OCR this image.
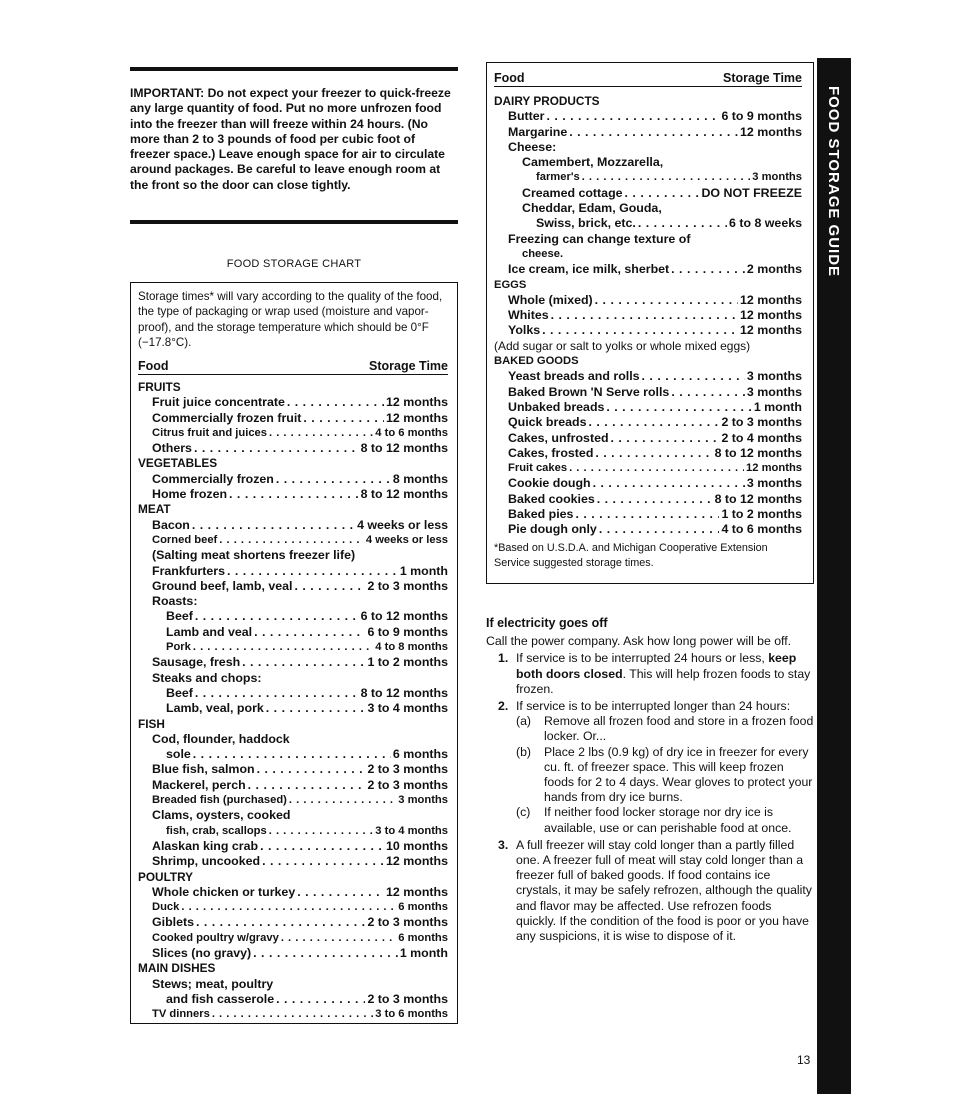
IMPORTANT: Do not expect your freezer to quick-freeze any large quantity of food. Put no more unfrozen food into the freezer than will freeze within 24 hours. (No more than 2 to 3 pounds of food per cubic foot of freezer space.) Leave enough space for air to circulate around packages. Be careful to leave enough room at the front so the door can close tightly.
FOOD STORAGE CHART
Storage times* will vary according to the quality of the food, the type of packaging or wrap used (moisture and vapor-proof), and the storage temperature which should be 0°F (−17.8°C).
Food	Storage Time
FRUITS
Fruit juice concentrate . . .	12 months
Commercially frozen fruit . . .	12 months
Citrus fruit and juices . . .	4 to 6 months
Others . . .	8 to 12 months
VEGETABLES
Commercially frozen . . .	8 months
Home frozen . . .	8 to 12 months
MEAT
Bacon . . .	4 weeks or less
Corned beef . . .	4 weeks or less
(Salting meat shortens freezer life)
Frankfurters . . .	1 month
Ground beef, lamb, veal . . .	2 to 3 months
Roasts:
Beef . . .	6 to 12 months
Lamb and veal . . .	6 to 9 months
Pork . . .	4 to 8 months
Sausage, fresh . . .	1 to 2 months
Steaks and chops:
Beef . . .	8 to 12 months
Lamb, veal, pork . . .	3 to 4 months
FISH
Cod, flounder, haddock
sole . . .	6 months
Blue fish, salmon . . .	2 to 3 months
Mackerel, perch . . .	2 to 3 months
Breaded fish (purchased) . . .	3 months
Clams, oysters, cooked
fish, crab, scallops . . .	3 to 4 months
Alaskan king crab . . .	10 months
Shrimp, uncooked . . .	12 months
POULTRY
Whole chicken or turkey . . .	12 months
Duck . . .	6 months
Giblets . . .	2 to 3 months
Cooked poultry w/gravy . . .	6 months
Slices (no gravy) . . .	1 month
MAIN DISHES
Stews; meat, poultry
and fish casserole . . .	2 to 3 months
TV dinners . . .	3 to 6 months
Food	Storage Time
DAIRY PRODUCTS
Butter . . .	6 to 9 months
Margarine . . .	12 months
Cheese:
Camembert, Mozzarella,
farmer's . . .	3 months
Creamed cottage . . .	DO NOT FREEZE
Cheddar, Edam, Gouda,
Swiss, brick, etc. . . .	6 to 8 weeks
Freezing can change texture of
cheese.
Ice cream, ice milk, sherbet . . .	2 months
EGGS
Whole (mixed) . . .	12 months
Whites . . .	12 months
Yolks . . .	12 months
(Add sugar or salt to yolks or whole mixed eggs)
BAKED GOODS
Yeast breads and rolls . . .	3 months
Baked Brown 'N Serve rolls . . .	3 months
Unbaked breads . . .	1 month
Quick breads . . .	2 to 3 months
Cakes, unfrosted . . .	2 to 4 months
Cakes, frosted . . .	8 to 12 months
Fruit cakes . . .	12 months
Cookie dough . . .	3 months
Baked cookies . . .	8 to 12 months
Baked pies . . .	1 to 2 months
Pie dough only . . .	4 to 6 months
*Based on U.S.D.A. and Michigan Cooperative Extension Service suggested storage times.
If electricity goes off
Call the power company. Ask how long power will be off.
1. If service is to be interrupted 24 hours or less, keep both doors closed. This will help frozen foods to stay frozen.
2. If service is to be interrupted longer than 24 hours:
(a) Remove all frozen food and store in a frozen food locker. Or...
(b) Place 2 lbs (0.9 kg) of dry ice in freezer for every cu. ft. of freezer space. This will keep frozen foods for 2 to 4 days. Wear gloves to protect your hands from dry ice burns.
(c) If neither food locker storage nor dry ice is available, use or can perishable food at once.
3. A full freezer will stay cold longer than a partly filled one. A freezer full of meat will stay cold longer than a freezer full of baked goods. If food contains ice crystals, it may be safely refrozen, although the quality and flavor may be affected. Use refrozen foods quickly. If the condition of the food is poor or you have any suspicions, it is wise to dispose of it.
FOOD STORAGE GUIDE
13
